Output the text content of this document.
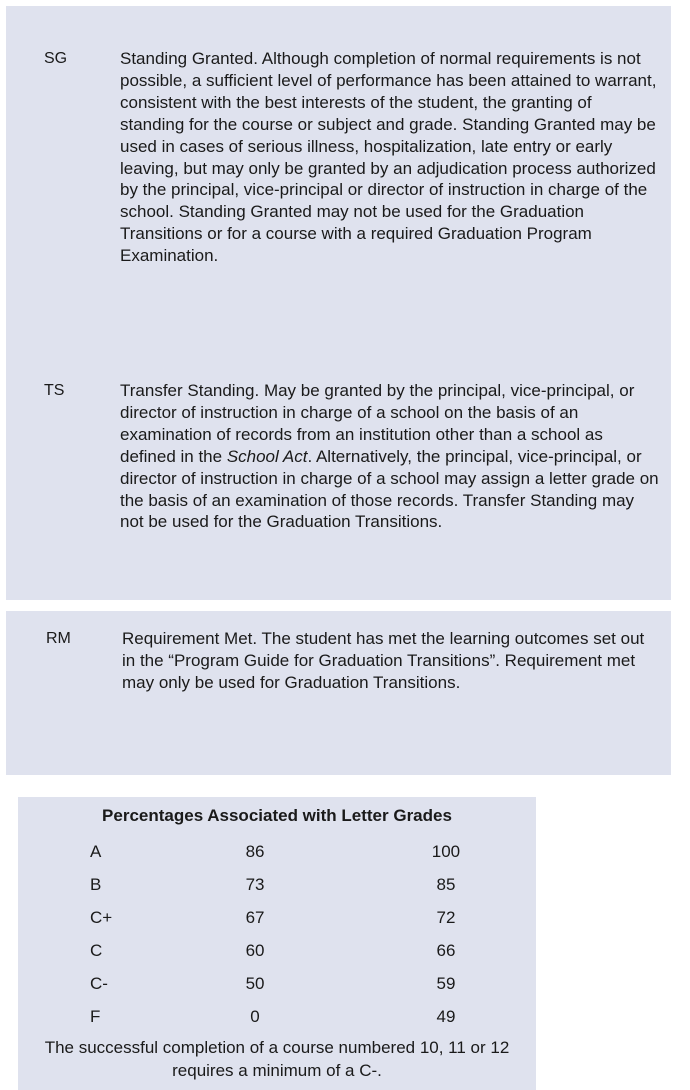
SG	Standing Granted. Although completion of normal requirements is not possible, a sufficient level of performance has been attained to warrant, consistent with the best interests of the student, the granting of standing for the course or subject and grade. Standing Granted may be used in cases of serious illness, hospitalization, late entry or early leaving, but may only be granted by an adjudication process authorized by the principal, vice-principal or director of instruction in charge of the school. Standing Granted may not be used for the Graduation Transitions or for a course with a required Graduation Program Examination.

TS	Transfer Standing. May be granted by the principal, vice-principal, or director of instruction in charge of a school on the basis of an examination of records from an institution other than a school as defined in the School Act. Alternatively, the principal, vice-principal, or director of instruction in charge of a school may assign a letter grade on the basis of an examination of those records. Transfer Standing may not be used for the Graduation Transitions.

RM	Requirement Met. The student has met the learning outcomes set out in the “Program Guide for Graduation Transitions”. Requirement met may only be used for Graduation Transitions.

Percentages Associated with Letter Grades
A	86	100
B	73	85
C+	67	72
C	60	66
C-	50	59
F	0	49
The successful completion of a course numbered 10, 11 or 12 requires a minimum of a C-.
